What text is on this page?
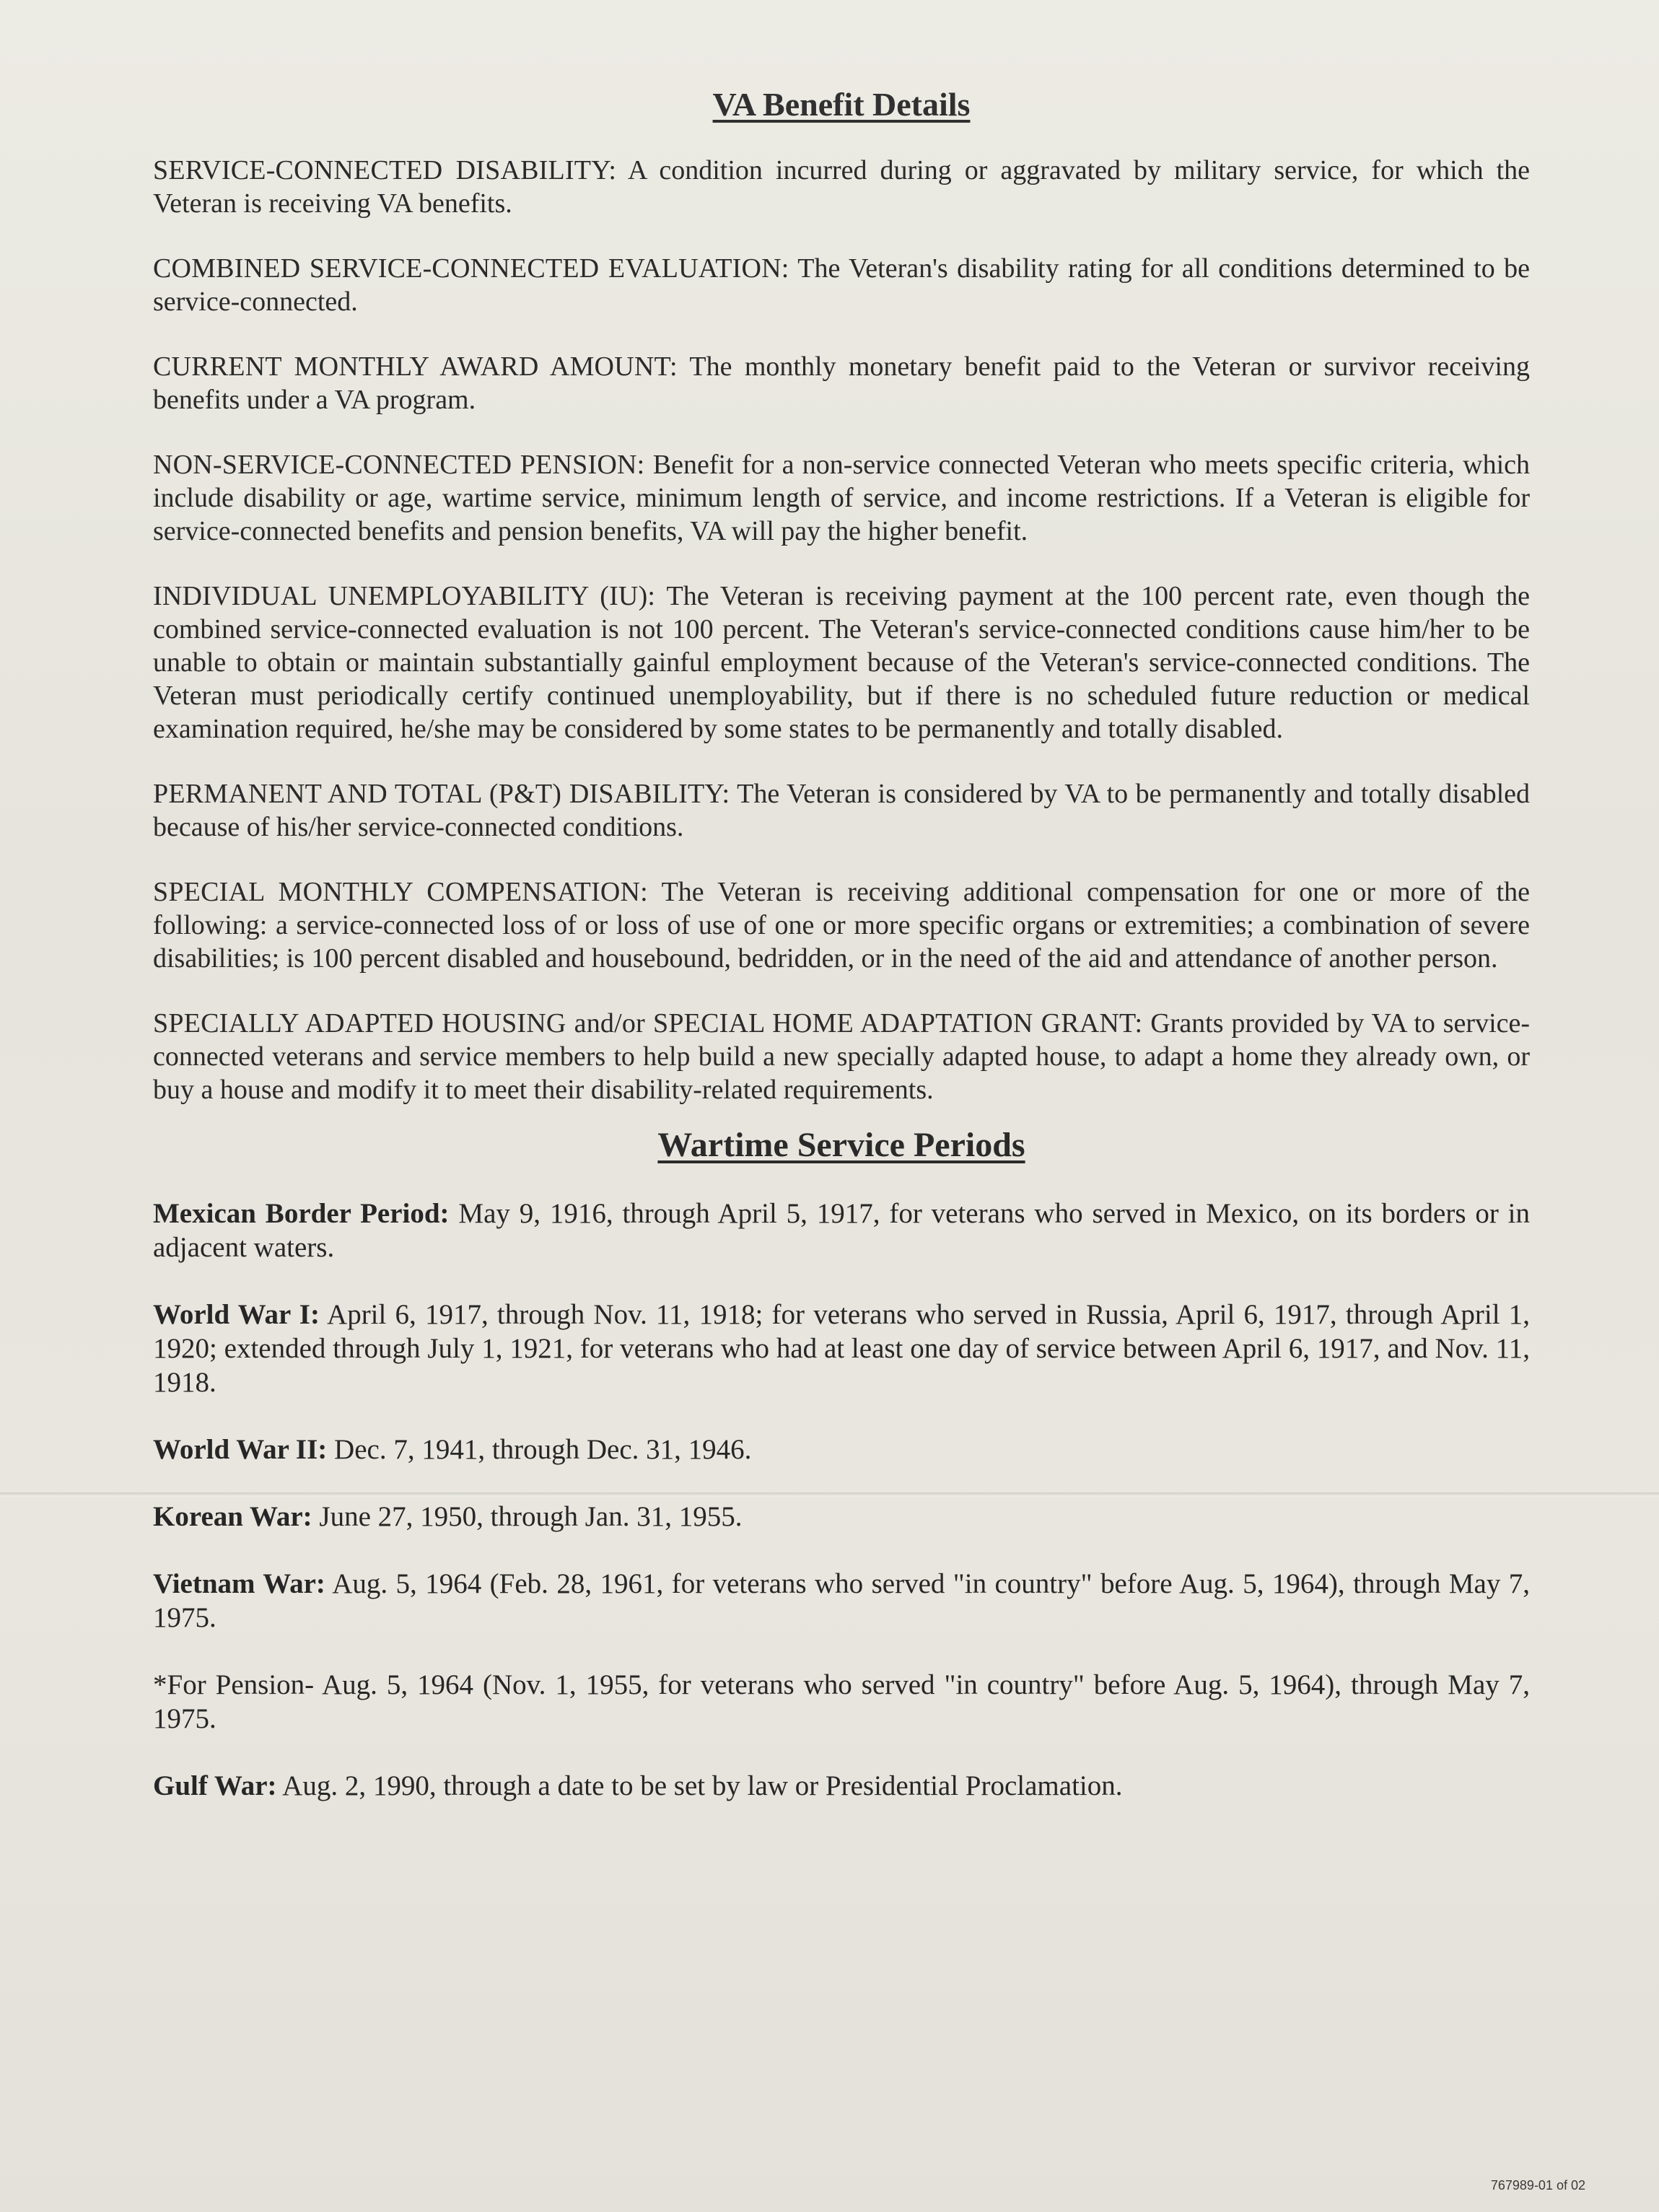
VA Benefit Details
SERVICE-CONNECTED DISABILITY: A condition incurred during or aggravated by military service, for which the Veteran is receiving VA benefits.
COMBINED SERVICE-CONNECTED EVALUATION: The Veteran's disability rating for all conditions determined to be service-connected.
CURRENT MONTHLY AWARD AMOUNT: The monthly monetary benefit paid to the Veteran or survivor receiving benefits under a VA program.
NON-SERVICE-CONNECTED PENSION: Benefit for a non-service connected Veteran who meets specific criteria, which include disability or age, wartime service, minimum length of service, and income restrictions. If a Veteran is eligible for service-connected benefits and pension benefits, VA will pay the higher benefit.
INDIVIDUAL UNEMPLOYABILITY (IU): The Veteran is receiving payment at the 100 percent rate, even though the combined service-connected evaluation is not 100 percent. The Veteran's service-connected conditions cause him/her to be unable to obtain or maintain substantially gainful employment because of the Veteran's service-connected conditions. The Veteran must periodically certify continued unemployability, but if there is no scheduled future reduction or medical examination required, he/she may be considered by some states to be permanently and totally disabled.
PERMANENT AND TOTAL (P&T) DISABILITY: The Veteran is considered by VA to be permanently and totally disabled because of his/her service-connected conditions.
SPECIAL MONTHLY COMPENSATION: The Veteran is receiving additional compensation for one or more of the following: a service-connected loss of or loss of use of one or more specific organs or extremities; a combination of severe disabilities; is 100 percent disabled and housebound, bedridden, or in the need of the aid and attendance of another person.
SPECIALLY ADAPTED HOUSING and/or SPECIAL HOME ADAPTATION GRANT: Grants provided by VA to service-connected veterans and service members to help build a new specially adapted house, to adapt a home they already own, or buy a house and modify it to meet their disability-related requirements.
Wartime Service Periods
Mexican Border Period: May 9, 1916, through April 5, 1917, for veterans who served in Mexico, on its borders or in adjacent waters.
World War I: April 6, 1917, through Nov. 11, 1918; for veterans who served in Russia, April 6, 1917, through April 1, 1920; extended through July 1, 1921, for veterans who had at least one day of service between April 6, 1917, and Nov. 11, 1918.
World War II: Dec. 7, 1941, through Dec. 31, 1946.
Korean War: June 27, 1950, through Jan. 31, 1955.
Vietnam War: Aug. 5, 1964 (Feb. 28, 1961, for veterans who served "in country" before Aug. 5, 1964), through May 7, 1975.
*For Pension- Aug. 5, 1964 (Nov. 1, 1955, for veterans who served "in country" before Aug. 5, 1964), through May 7, 1975.
Gulf War: Aug. 2, 1990, through a date to be set by law or Presidential Proclamation.
767989-01 of 02
